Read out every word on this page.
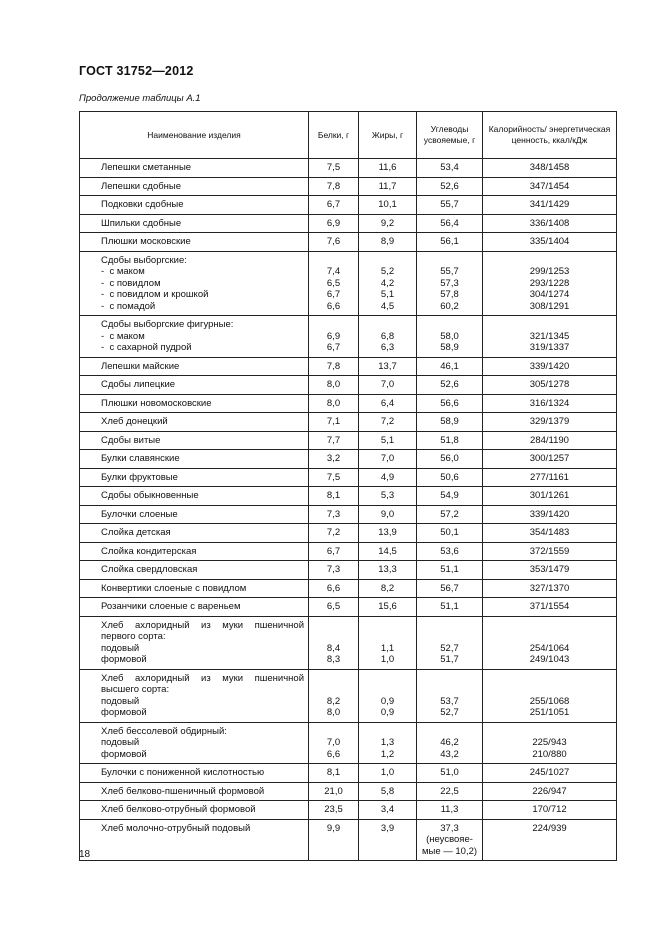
ГОСТ 31752—2012
Продолжение таблицы А.1
Наименование изделия	Белки, г	Жиры, г	Углеводы усвояемые, г	Калорийность/ энергетическая ценность, ккал/кДж

Лепешки сметанные	7,5	11,6	53,4	348/1458

Лепешки сдобные	7,8	11,7	52,6	347/1454

Подковки сдобные	6,7	10,1	55,7	341/1429

Шпильки сдобные	6,9	9,2	56,4	336/1408

Плюшки московские	7,6	8,9	56,1	335/1404

Сдобы выборгские:
-  с маком
-  с повидлом
-  с повидлом и крошкой
-  с помадой	7,4
6,5
6,7
6,6	5,2
4,2
5,1
4,5	55,7
57,3
57,8
60,2	299/1253
293/1228
304/1274
308/1291

Сдобы выборгские фигурные:
-  с маком
-  с сахарной пудрой	6,9
6,7	6,8
6,3	58,0
58,9	321/1345
319/1337

Лепешки майские	7,8	13,7	46,1	339/1420

Сдобы липецкие	8,0	7,0	52,6	305/1278

Плюшки новомосковские	8,0	6,4	56,6	316/1324

Хлеб донецкий	7,1	7,2	58,9	329/1379

Сдобы витые	7,7	5,1	51,8	284/1190

Булки славянские	3,2	7,0	56,0	300/1257

Булки фруктовые	7,5	4,9	50,6	277/1161

Сдобы обыкновенные	8,1	5,3	54,9	301/1261

Булочки слоеные	7,3	9,0	57,2	339/1420

Слойка детская	7,2	13,9	50,1	354/1483

Слойка кондитерская	6,7	14,5	53,6	372/1559

Слойка свердловская	7,3	13,3	51,1	353/1479

Конвертики слоеные с повидлом	6,6	8,2	56,7	327/1370

Розанчики слоеные с вареньем	6,5	15,6	51,1	371/1554

Хлеб ахлоридный из муки пшеничной первого сорта:
подовый
формовой	8,4
8,3	1,1
1,0	52,7
51,7	254/1064
249/1043

Хлеб ахлоридный из муки пшеничной высшего сорта:
подовый
формовой	8,2
8,0	0,9
0,9	53,7
52,7	255/1068
251/1051

Хлеб бессолевой обдирный:
подовый
формовой	7,0
6,6	1,3
1,2	46,2
43,2	225/943
210/880

Булочки с пониженной кислотностью	8,1	1,0	51,0	245/1027

Хлеб белково-пшеничный формовой	21,0	5,8	22,5	226/947

Хлеб белково-отрубный формовой	23,5	3,4	11,3	170/712

Хлеб молочно-отрубный подовый	9,9	3,9	37,3
(неусвояе-
мые — 10,2)	224/939
18
